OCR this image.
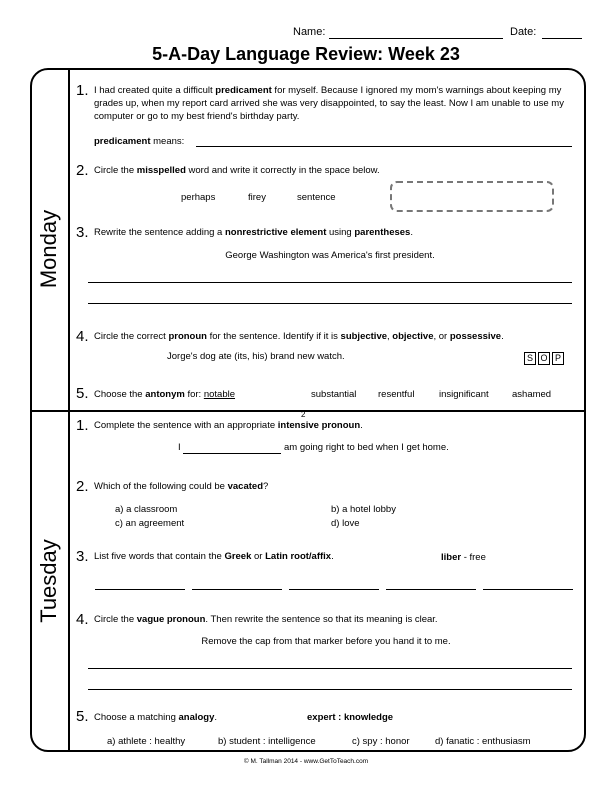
Name:	Date:
5-A-Day Language Review: Week 23
Monday
Tuesday
1. I had created quite a difficult predicament for myself. Because I ignored my mom's warnings about keeping my grades up, when my report card arrived she was very disappointed, to say the least. Now I am unable to use my computer or go to my best friend's birthday party.
predicament means:
2. Circle the misspelled word and write it correctly in the space below.
perhaps	firey	sentence
3. Rewrite the sentence adding a nonrestrictive element using parentheses.
George Washington was America's first president.
4. Circle the correct pronoun for the sentence. Identify if it is subjective, objective, or possessive.
Jorge's dog ate (its, his) brand new watch.	S O P
5. Choose the antonym for: notable	substantial resentful	insignificant ashamed
1. Complete the sentence with an appropriate intensive pronoun.
2
I	am going right to bed when I get home.
2. Which of the following could be vacated?
a) a classroom	b) a hotel lobby
c) an agreement	d) love
3. List five words that contain the Greek or Latin root/affix.	liber - free
4. Circle the vague pronoun. Then rewrite the sentence so that its meaning is clear.
Remove the cap from that marker before you hand it to me.
5. Choose a matching analogy.	expert : knowledge
a) athlete : healthy	b) student : intelligence	c) spy : honor	d) fanatic : enthusiasm
© M. Tallman 2014 - www.GetToTeach.com
